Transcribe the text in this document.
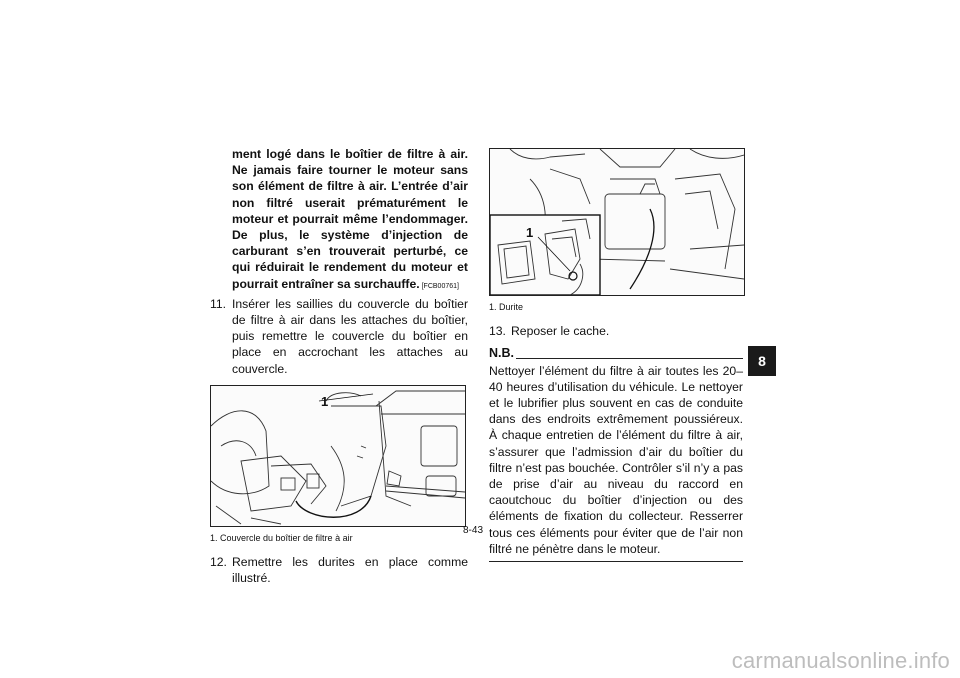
ment logé dans le boîtier de filtre à air. Ne jamais faire tourner le moteur sans son élément de filtre à air. L’entrée d’air non filtré userait prématurément le moteur et pourrait même l’endommager. De plus, le système d’injection de carburant s’en trouverait perturbé, ce qui réduirait le rendement du moteur et pourrait entraîner sa surchauffe. [FCB00761]
11. Insérer les saillies du couvercle du boîtier de filtre à air dans les attaches du boîtier, puis remettre le couvercle du boîtier en place en accrochant les attaches au couvercle.
1
1. Couvercle du boîtier de filtre à air
12. Remettre les durites en place comme illustré.
1
1. Durite
13. Reposer le cache.
N.B.
Nettoyer l’élément du filtre à air toutes les 20–40 heures d’utilisation du véhicule. Le nettoyer et le lubrifier plus souvent en cas de conduite dans des endroits extrêmement poussiéreux. À chaque entretien de l’élément du filtre à air, s’assurer que l’admission d’air du boîtier du filtre n’est pas bouchée. Contrôler s’il n’y a pas de prise d’air au niveau du raccord en caoutchouc du boîtier d’injection ou des éléments de fixation du collecteur. Resserrer tous ces éléments pour éviter que de l’air non filtré ne pénètre dans le moteur.
8
8-43
carmanualsonline.info
